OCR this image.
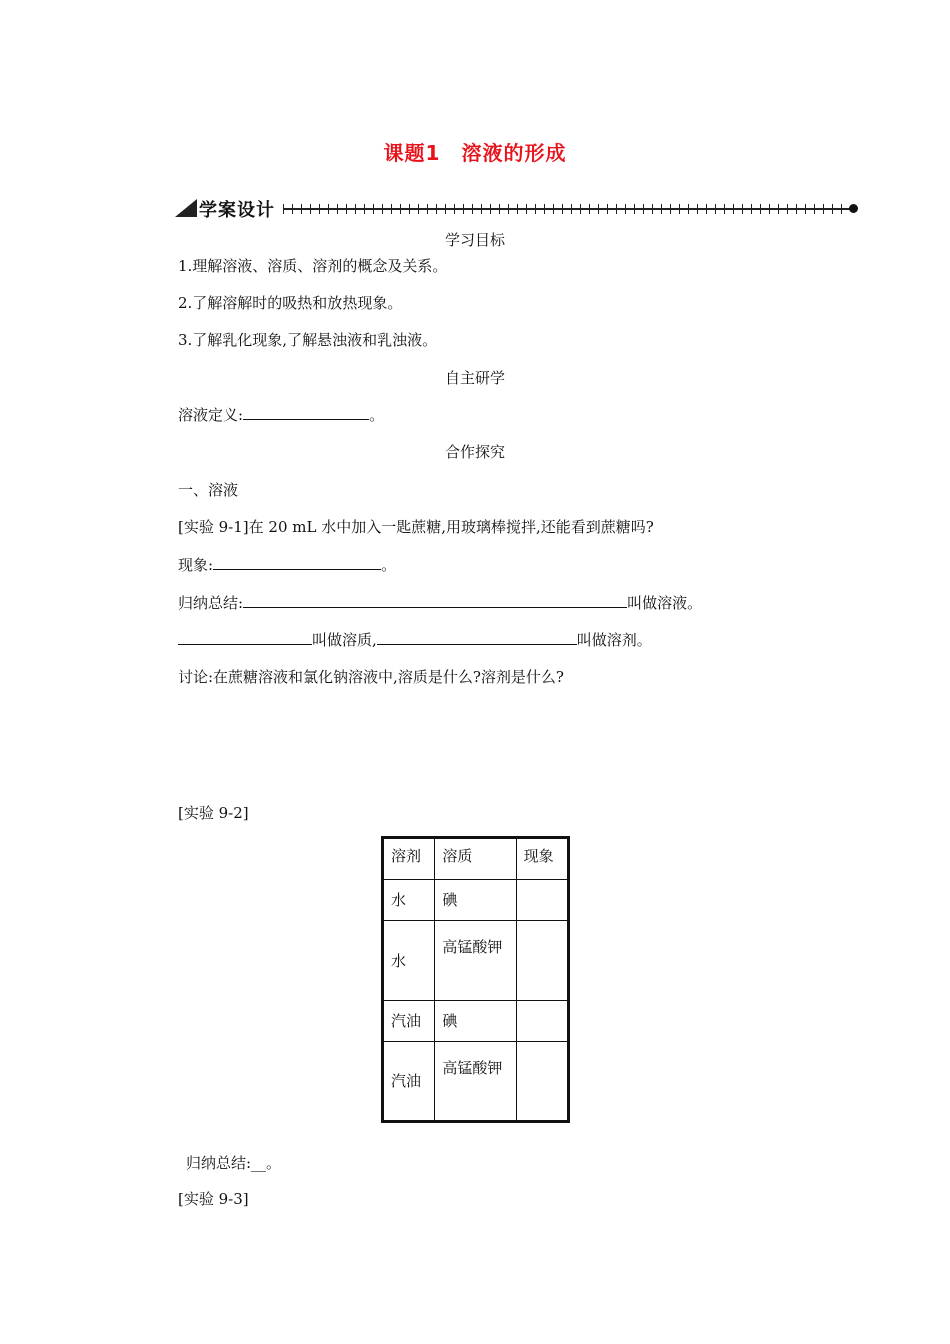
课题1　溶液的形成
学案设计
学习目标
1.理解溶液、溶质、溶剂的概念及关系。
2.了解溶解时的吸热和放热现象。
3.了解乳化现象,了解悬浊液和乳浊液。
自主研学
溶液定义:	。
合作探究
一、溶液
[实验 9-1]在 20 mL 水中加入一匙蔗糖,用玻璃棒搅拌,还能看到蔗糖吗?
现象:	。
归纳总结:	叫做溶液。
叫做溶质,	叫做溶剂。
讨论:在蔗糖溶液和氯化钠溶液中,溶质是什么?溶剂是什么?
[实验 9-2]
溶剂	溶质	现象
水	碘	
水	高锰酸钾	
汽油	碘	
汽油	高锰酸钾	
归纳总结:__。
[实验 9-3]
